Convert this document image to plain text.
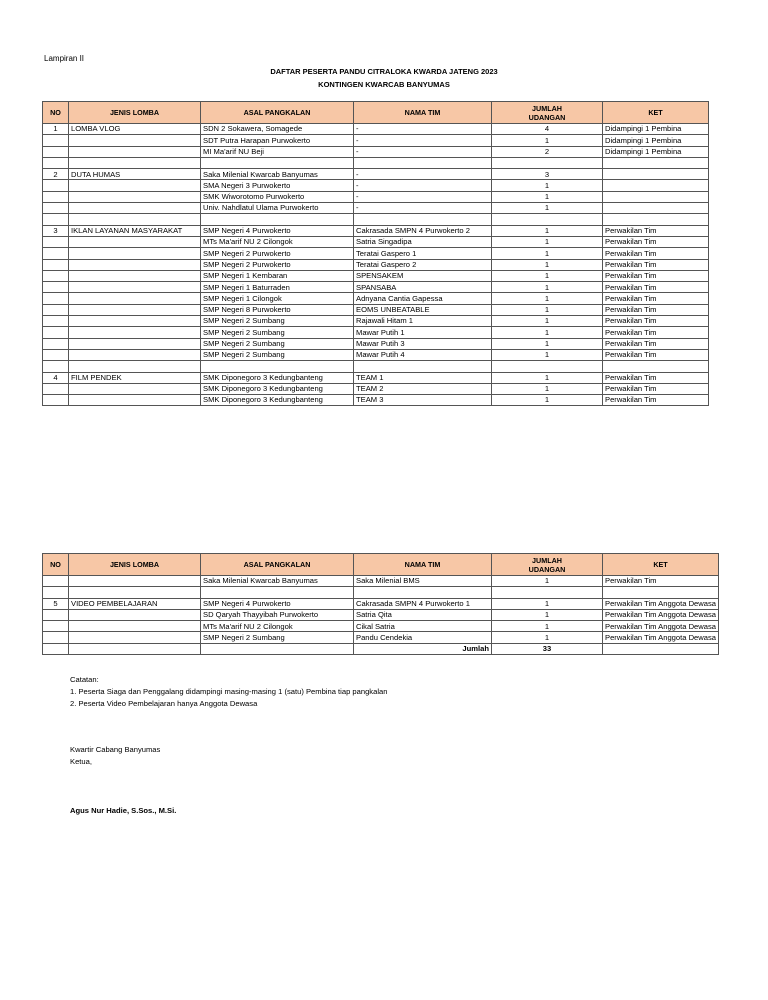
Lampiran II
DAFTAR PESERTA PANDU CITRALOKA KWARDA JATENG 2023
KONTINGEN KWARCAB BANYUMAS
NO	JENIS LOMBA	ASAL PANGKALAN	NAMA TIM	JUMLAH
UDANGAN	KET
1	LOMBA VLOG	SDN 2 Sokawera, Somagede	-	4	Didampingi 1 Pembina
		SDT Putra Harapan Purwokerto	-	1	Didampingi 1 Pembina
		MI Ma'arif NU Beji	-	2	Didampingi 1 Pembina

2	DUTA HUMAS	Saka Milenial Kwarcab Banyumas	-	3	
		SMA Negeri 3 Purwokerto	-	1	
		SMK Wiworotomo Purwokerto	-	1	
		Univ. Nahdlatul Ulama Purwokerto	-	1	

3	IKLAN LAYANAN MASYARAKAT	SMP Negeri 4 Purwokerto	Cakrasada SMPN 4 Purwokerto 2	1	Perwakilan Tim
		MTs Ma'arif NU 2 Cilongok	Satria Singadipa	1	Perwakilan Tim
		SMP Negeri 2 Purwokerto	Teratai Gaspero 1	1	Perwakilan Tim
		SMP Negeri 2 Purwokerto	Teratai Gaspero 2	1	Perwakilan Tim
		SMP Negeri 1 Kembaran	SPENSAKEM	1	Perwakilan Tim
		SMP Negeri 1 Baturraden	SPANSABA	1	Perwakilan Tim
		SMP Negeri 1 Cilongok	Adnyana Cantia Gapessa	1	Perwakilan Tim
		SMP Negeri 8 Purwokerto	EOMS UNBEATABLE	1	Perwakilan Tim
		SMP Negeri 2 Sumbang	Rajawali Hitam 1	1	Perwakilan Tim
		SMP Negeri 2 Sumbang	Mawar Putih 1	1	Perwakilan Tim
		SMP Negeri 2 Sumbang	Mawar Putih 3	1	Perwakilan Tim
		SMP Negeri 2 Sumbang	Mawar Putih 4	1	Perwakilan Tim

4	FILM PENDEK	SMK Diponegoro 3 Kedungbanteng	TEAM 1	1	Perwakilan Tim
		SMK Diponegoro 3 Kedungbanteng	TEAM 2	1	Perwakilan Tim
		SMK Diponegoro 3 Kedungbanteng	TEAM 3	1	Perwakilan Tim
NO	JENIS LOMBA	ASAL PANGKALAN	NAMA TIM	JUMLAH
UDANGAN	KET
		Saka Milenial Kwarcab Banyumas	Saka Milenial BMS	1	Perwakilan Tim

5	VIDEO PEMBELAJARAN	SMP Negeri 4 Purwokerto	Cakrasada SMPN 4 Purwokerto 1	1	Perwakilan Tim Anggota Dewasa
		SD Qaryah Thayyibah Purwokerto	Satria Qita	1	Perwakilan Tim Anggota Dewasa
		MTs Ma'arif NU 2 Cilongok	Cikal Satria	1	Perwakilan Tim Anggota Dewasa
		SMP Negeri 2 Sumbang	Pandu Cendekia	1	Perwakilan Tim Anggota Dewasa
			Jumlah	33	
Catatan:
1. Peserta Siaga dan Penggalang didampingi masing-masing 1 (satu) Pembina tiap pangkalan
2. Peserta Video Pembelajaran hanya Anggota Dewasa
Kwartir Cabang Banyumas
Ketua,
Agus Nur Hadie, S.Sos., M.Si.
